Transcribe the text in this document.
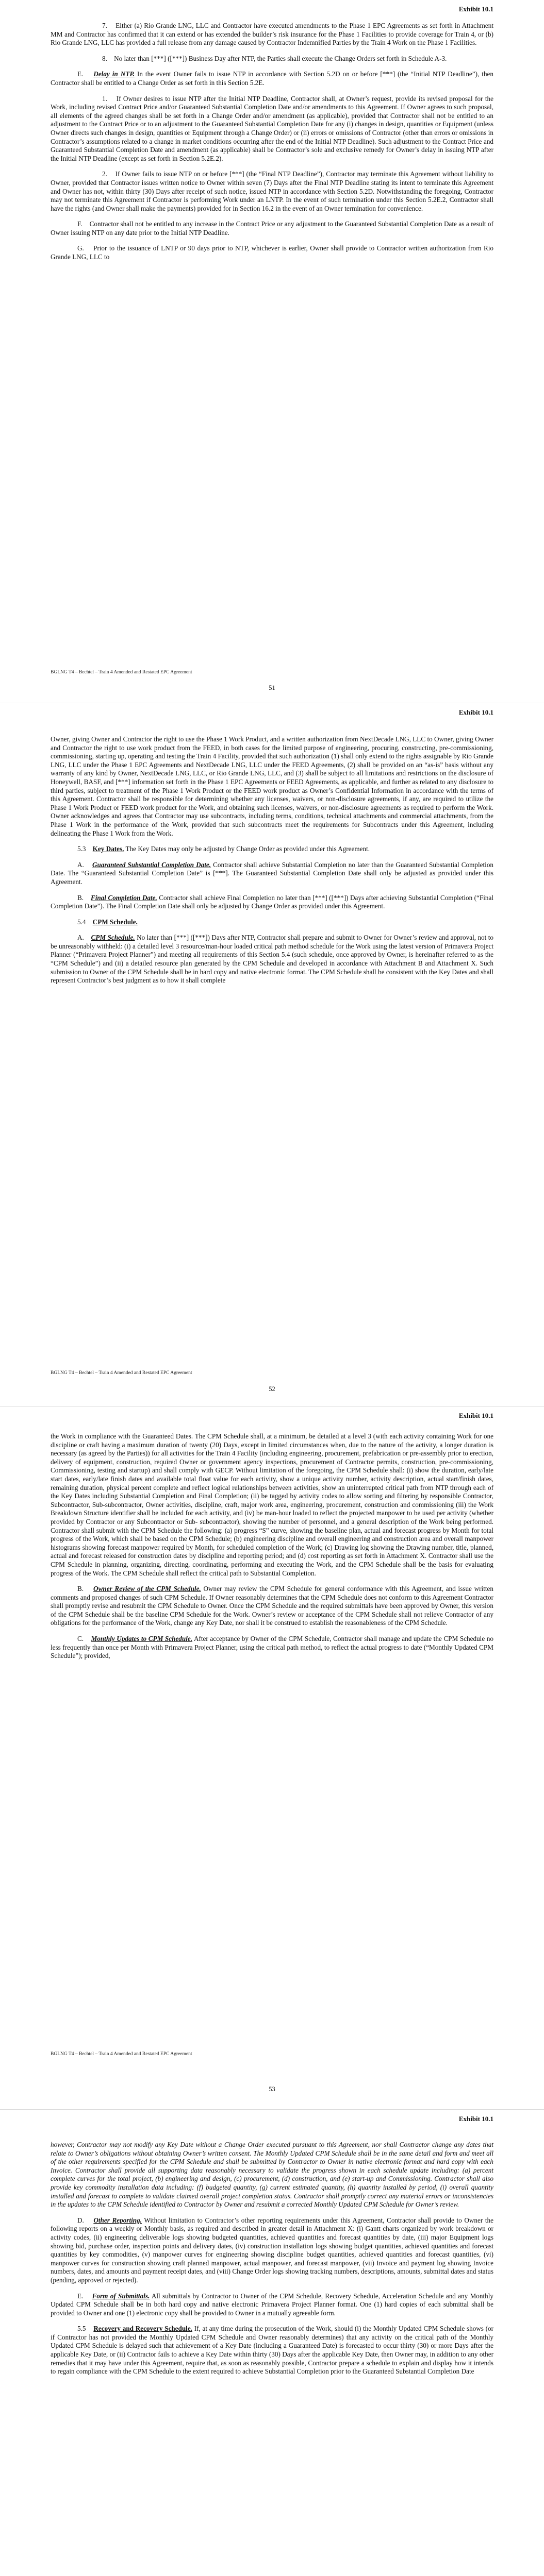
Exhibit 10.1

7. Either (a) Rio Grande LNG, LLC and Contractor have executed amendments to the Phase 1 EPC Agreements as set forth in Attachment MM and Contractor has confirmed that it can extend or has extended the builder’s risk insurance for the Phase 1 Facilities to provide coverage for Train 4, or (b) Rio Grande LNG, LLC has provided a full release from any damage caused by Contractor Indemnified Parties by the Train 4 Work on the Phase 1 Facilities.

8. No later than [***] ([***]) Business Day after NTP, the Parties shall execute the Change Orders set forth in Schedule A-3.

E. Delay in NTP. In the event Owner fails to issue NTP in accordance with Section 5.2D on or before [***] (the “Initial NTP Deadline”), then Contractor shall be entitled to a Change Order as set forth in this Section 5.2E.

1. If Owner desires to issue NTP after the Initial NTP Deadline, Contractor shall, at Owner’s request, provide its revised proposal for the Work, including revised Contract Price and/or Guaranteed Substantial Completion Date and/or amendments to this Agreement. If Owner agrees to such proposal, all elements of the agreed changes shall be set forth in a Change Order and/or amendment (as applicable), provided that Contractor shall not be entitled to an adjustment to the Contract Price or to an adjustment to the Guaranteed Substantial Completion Date for any (i) changes in design, quantities or Equipment (unless Owner directs such changes in design, quantities or Equipment through a Change Order) or (ii) errors or omissions of Contractor (other than errors or omissions in Contractor’s assumptions related to a change in market conditions occurring after the end of the Initial NTP Deadline). Such adjustment to the Contract Price and Guaranteed Substantial Completion Date and amendment (as applicable) shall be Contractor’s sole and exclusive remedy for Owner’s delay in issuing NTP after the Initial NTP Deadline (except as set forth in Section 5.2E.2).

2. If Owner fails to issue NTP on or before [***] (the “Final NTP Deadline”), Contractor may terminate this Agreement without liability to Owner, provided that Contractor issues written notice to Owner within seven (7) Days after the Final NTP Deadline stating its intent to terminate this Agreement and Owner has not, within thirty (30) Days after receipt of such notice, issued NTP in accordance with Section 5.2D. Notwithstanding the foregoing, Contractor may not terminate this Agreement if Contractor is performing Work under an LNTP. In the event of such termination under this Section 5.2E.2, Contractor shall have the rights (and Owner shall make the payments) provided for in Section 16.2 in the event of an Owner termination for convenience.

F. Contractor shall not be entitled to any increase in the Contract Price or any adjustment to the Guaranteed Substantial Completion Date as a result of Owner issuing NTP on any date prior to the Initial NTP Deadline.

G. Prior to the issuance of LNTP or 90 days prior to NTP, whichever is earlier, Owner shall provide to Contractor written authorization from Rio Grande LNG, LLC to

BGLNG T4 – Bechtel – Train 4 Amended and Restated EPC Agreement
51
Exhibit 10.1

Owner, giving Owner and Contractor the right to use the Phase 1 Work Product, and a written authorization from NextDecade LNG, LLC to Owner, giving Owner and Contractor the right to use work product from the FEED, in both cases for the limited purpose of engineering, procuring, constructing, pre-commissioning, commissioning, starting up, operating and testing the Train 4 Facility, provided that such authorization (1) shall only extend to the rights assignable by Rio Grande LNG, LLC under the Phase 1 EPC Agreements and NextDecade LNG, LLC under the FEED Agreements, (2) shall be provided on an “as-is” basis without any warranty of any kind by Owner, NextDecade LNG, LLC, or Rio Grande LNG, LLC, and (3) shall be subject to all limitations and restrictions on the disclosure of Honeywell, BASF, and [***] information set forth in the Phase 1 EPC Agreements or FEED Agreements, as applicable, and further as related to any disclosure to third parties, subject to treatment of the Phase 1 Work Product or the FEED work product as Owner’s Confidential Information in accordance with the terms of this Agreement. Contractor shall be responsible for determining whether any licenses, waivers, or non-disclosure agreements, if any, are required to utilize the Phase 1 Work Product or FEED work product for the Work, and obtaining such licenses, waivers, or non-disclosure agreements as required to perform the Work. Owner acknowledges and agrees that Contractor may use subcontracts, including terms, conditions, technical attachments and commercial attachments, from the Phase 1 Work in the performance of the Work, provided that such subcontracts meet the requirements for Subcontracts under this Agreement, including delineating the Phase 1 Work from the Work.

5.3 Key Dates. The Key Dates may only be adjusted by Change Order as provided under this Agreement.

A. Guaranteed Substantial Completion Date. Contractor shall achieve Substantial Completion no later than the Guaranteed Substantial Completion Date. The “Guaranteed Substantial Completion Date” is [***]. The Guaranteed Substantial Completion Date shall only be adjusted as provided under this Agreement.

B. Final Completion Date. Contractor shall achieve Final Completion no later than [***] ([***]) Days after achieving Substantial Completion (“Final Completion Date”). The Final Completion Date shall only be adjusted by Change Order as provided under this Agreement.

5.4 CPM Schedule.

A. CPM Schedule. No later than [***] ([***]) Days after NTP, Contractor shall prepare and submit to Owner for Owner’s review and approval, not to be unreasonably withheld: (i) a detailed level 3 resource/man-hour loaded critical path method schedule for the Work using the latest version of Primavera Project Planner (“Primavera Project Planner”) and meeting all requirements of this Section 5.4 (such schedule, once approved by Owner, is hereinafter referred to as the “CPM Schedule”) and (ii) a detailed resource plan generated by the CPM Schedule and developed in accordance with Attachment B and Attachment X. Such submission to Owner of the CPM Schedule shall be in hard copy and native electronic format. The CPM Schedule shall be consistent with the Key Dates and shall represent Contractor’s best judgment as to how it shall complete

BGLNG T4 – Bechtel – Train 4 Amended and Restated EPC Agreement
52
Exhibit 10.1

the Work in compliance with the Guaranteed Dates. The CPM Schedule shall, at a minimum, be detailed at a level 3 (with each activity containing Work for one discipline or craft having a maximum duration of twenty (20) Days, except in limited circumstances when, due to the nature of the activity, a longer duration is necessary (as agreed by the Parties)) for all activities for the Train 4 Facility (including engineering, procurement, prefabrication or pre-assembly prior to erection, delivery of equipment, construction, required Owner or government agency inspections, procurement of Contractor permits, construction, pre-commissioning, Commissioning, testing and startup) and shall comply with GECP. Without limitation of the foregoing, the CPM Schedule shall: (i) show the duration, early/late start dates, early/late finish dates and available total float value for each activity, show a unique activity number, activity description, actual start/finish dates, remaining duration, physical percent complete and reflect logical relationships between activities, show an uninterrupted critical path from NTP through each of the Key Dates including Substantial Completion and Final Completion; (ii) be tagged by activity codes to allow sorting and filtering by responsible Contractor, Subcontractor, Sub-subcontractor, Owner activities, discipline, craft, major work area, engineering, procurement, construction and commissioning (iii) the Work Breakdown Structure identifier shall be included for each activity, and (iv) be man-hour loaded to reflect the projected manpower to be used per activity (whether provided by Contractor or any Subcontractor or Sub- subcontractor), showing the number of personnel, and a general description of the Work being performed. Contractor shall submit with the CPM Schedule the following: (a) progress “S” curve, showing the baseline plan, actual and forecast progress by Month for total progress of the Work, which shall be based on the CPM Schedule; (b) engineering discipline and overall engineering and construction area and overall manpower histograms showing forecast manpower required by Month, for scheduled completion of the Work; (c) Drawing log showing the Drawing number, title, planned, actual and forecast released for construction dates by discipline and reporting period; and (d) cost reporting as set forth in Attachment X. Contractor shall use the CPM Schedule in planning, organizing, directing, coordinating, performing and executing the Work, and the CPM Schedule shall be the basis for evaluating progress of the Work. The CPM Schedule shall reflect the critical path to Substantial Completion.

B. Owner Review of the CPM Schedule. Owner may review the CPM Schedule for general conformance with this Agreement, and issue written comments and proposed changes of such CPM Schedule. If Owner reasonably determines that the CPM Schedule does not conform to this Agreement Contractor shall promptly revise and resubmit the CPM Schedule to Owner. Once the CPM Schedule and the required submittals have been approved by Owner, this version of the CPM Schedule shall be the baseline CPM Schedule for the Work. Owner’s review or acceptance of the CPM Schedule shall not relieve Contractor of any obligations for the performance of the Work, change any Key Date, nor shall it be construed to establish the reasonableness of the CPM Schedule.

C. Monthly Updates to CPM Schedule. After acceptance by Owner of the CPM Schedule, Contractor shall manage and update the CPM Schedule no less frequently than once per Month with Primavera Project Planner, using the critical path method, to reflect the actual progress to date (“Monthly Updated CPM Schedule”); provided,

BGLNG T4 – Bechtel – Train 4 Amended and Restated EPC Agreement
53
Exhibit 10.1

however, Contractor may not modify any Key Date without a Change Order executed pursuant to this Agreement, nor shall Contractor change any dates that relate to Owner’s obligations without obtaining Owner’s written consent. The Monthly Updated CPM Schedule shall be in the same detail and form and meet all of the other requirements specified for the CPM Schedule and shall be submitted by Contractor to Owner in native electronic format and hard copy with each Invoice. Contractor shall provide all supporting data reasonably necessary to validate the progress shown in each schedule update including: (a) percent complete curves for the total project, (b) engineering and design, (c) procurement, (d) construction, and (e) start-up and Commissioning. Contractor shall also provide key commodity installation data including: (f) budgeted quantity, (g) current estimated quantity, (h) quantity installed by period, (i) overall quantity installed and forecast to complete to validate claimed overall project completion status. Contractor shall promptly correct any material errors or inconsistencies in the updates to the CPM Schedule identified to Contractor by Owner and resubmit a corrected Monthly Updated CPM Schedule for Owner’s review.

D. Other Reporting. Without limitation to Contractor’s other reporting requirements under this Agreement, Contractor shall provide to Owner the following reports on a weekly or Monthly basis, as required and described in greater detail in Attachment X: (i) Gantt charts organized by work breakdown or activity codes, (ii) engineering deliverable logs showing budgeted quantities, achieved quantities and forecast quantities by date, (iii) major Equipment logs showing bid, purchase order, inspection points and delivery dates, (iv) construction installation logs showing budget quantities, achieved quantities and forecast quantities by key commodities, (v) manpower curves for engineering showing discipline budget quantities, achieved quantities and forecast quantities, (vi) manpower curves for construction showing craft planned manpower, actual manpower, and forecast manpower, (vii) Invoice and payment log showing Invoice numbers, dates, and amounts and payment receipt dates, and (viii) Change Order logs showing tracking numbers, descriptions, amounts, submittal dates and status (pending, approved or rejected).

E. Form of Submittals. All submittals by Contractor to Owner of the CPM Schedule, Recovery Schedule, Acceleration Schedule and any Monthly Updated CPM Schedule shall be in both hard copy and native electronic Primavera Project Planner format. One (1) hard copies of each submittal shall be provided to Owner and one (1) electronic copy shall be provided to Owner in a mutually agreeable form.

5.5 Recovery and Recovery Schedule. If, at any time during the prosecution of the Work, should (i) the Monthly Updated CPM Schedule shows (or if Contractor has not provided the Monthly Updated CPM Schedule and Owner reasonably determines) that any activity on the critical path of the Monthly Updated CPM Schedule is delayed such that achievement of a Key Date (including a Guaranteed Date) is forecasted to occur thirty (30) or more Days after the applicable Key Date, or (ii) Contractor fails to achieve a Key Date within thirty (30) Days after the applicable Key Date, then Owner may, in addition to any other remedies that it may have under this Agreement, require that, as soon as reasonably possible, Contractor prepare a schedule to explain and display how it intends to regain compliance with the CPM Schedule to the extent required to achieve Substantial Completion prior to the Guaranteed Substantial Completion Date
